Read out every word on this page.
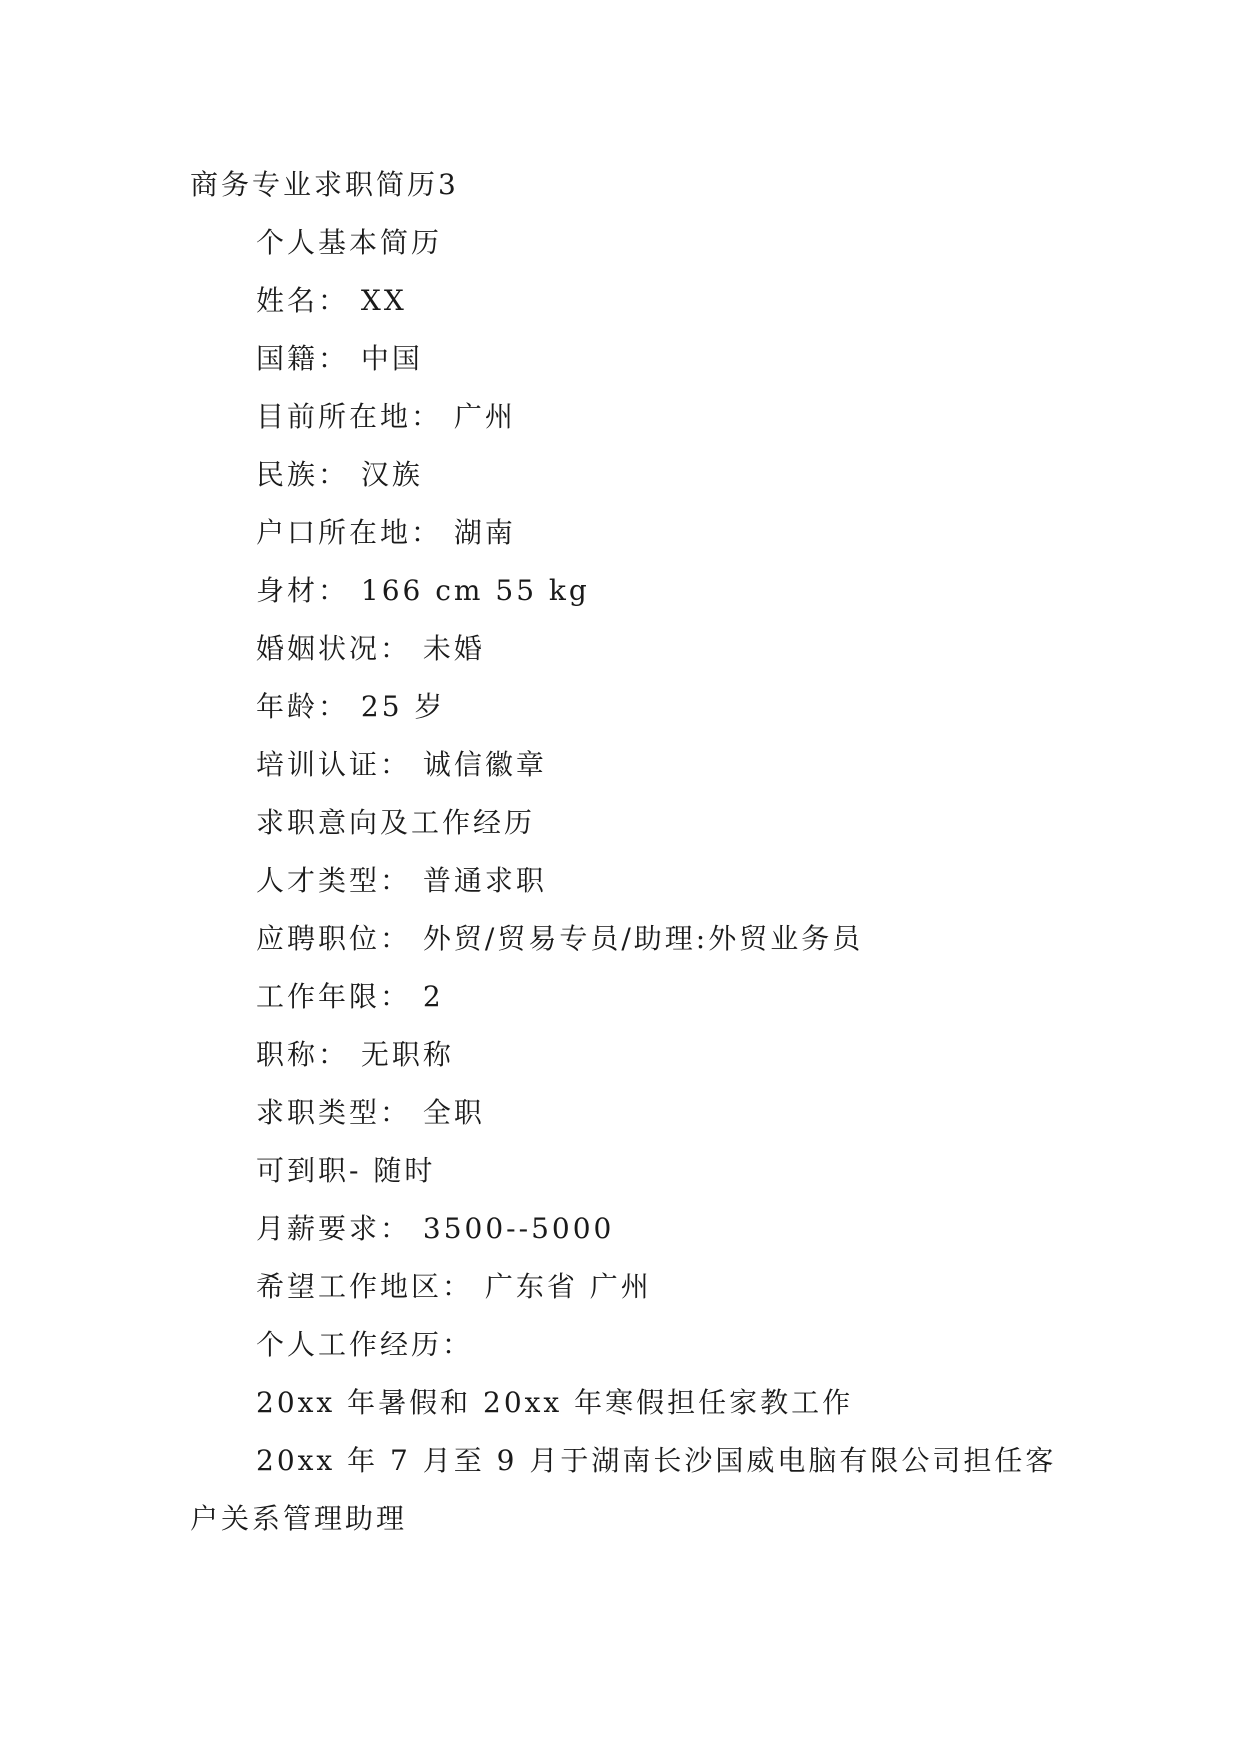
商务专业求职简历3
个人基本简历
姓名： XX
国籍： 中国
目前所在地： 广州
民族： 汉族
户口所在地： 湖南
身材： 166 cm 55 kg
婚姻状况： 未婚
年龄： 25 岁
培训认证： 诚信徽章
求职意向及工作经历
人才类型： 普通求职
应聘职位： 外贸/贸易专员/助理:外贸业务员
工作年限： 2
职称： 无职称
求职类型： 全职
可到职- 随时
月薪要求： 3500--5000
希望工作地区： 广东省 广州
个人工作经历：
20xx 年暑假和 20xx 年寒假担任家教工作
20xx 年 7 月至 9 月于湖南长沙国威电脑有限公司担任客
户关系管理助理
